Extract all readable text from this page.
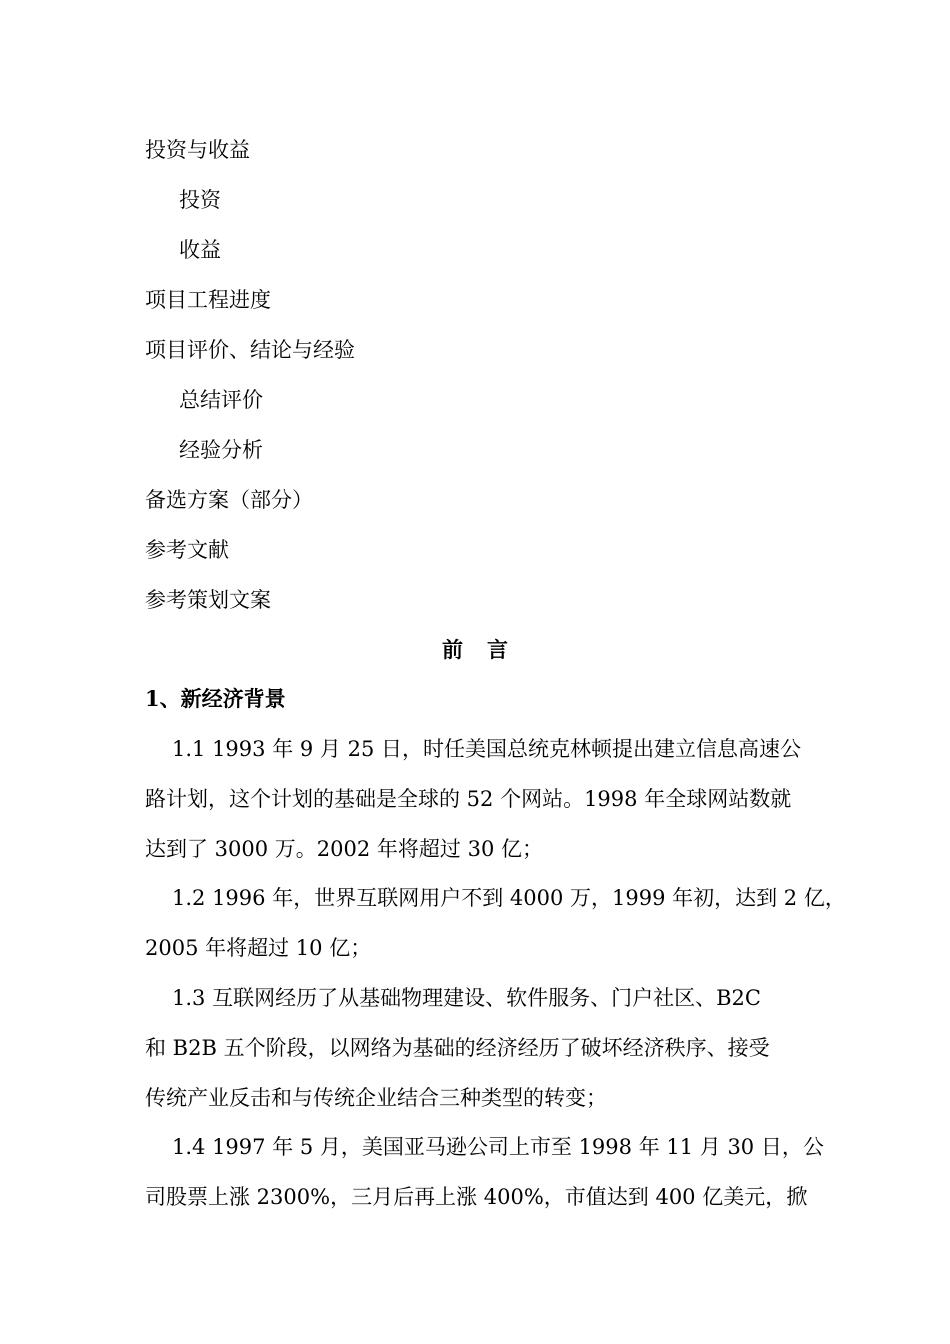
投资与收益
投资
收益
项目工程进度
项目评价、结论与经验
总结评价
经验分析
备选方案（部分）
参考文献
参考策划文案
前 言
1、新经济背景
1.1 1993 年 9 月 25 日，时任美国总统克林顿提出建立信息高速公
路计划，这个计划的基础是全球的 52 个网站。1998 年全球网站数就
达到了 3000 万。2002 年将超过 30 亿；
1.2 1996 年，世界互联网用户不到 4000 万，1999 年初，达到 2 亿，
2005 年将超过 10 亿；
1.3 互联网经历了从基础物理建设、软件服务、门户社区、B2C
和 B2B 五个阶段，以网络为基础的经济经历了破坏经济秩序、接受
传统产业反击和与传统企业结合三种类型的转变；
1.4 1997 年 5 月，美国亚马逊公司上市至 1998 年 11 月 30 日，公
司股票上涨 2300%，三月后再上涨 400%，市值达到 400 亿美元，掀
